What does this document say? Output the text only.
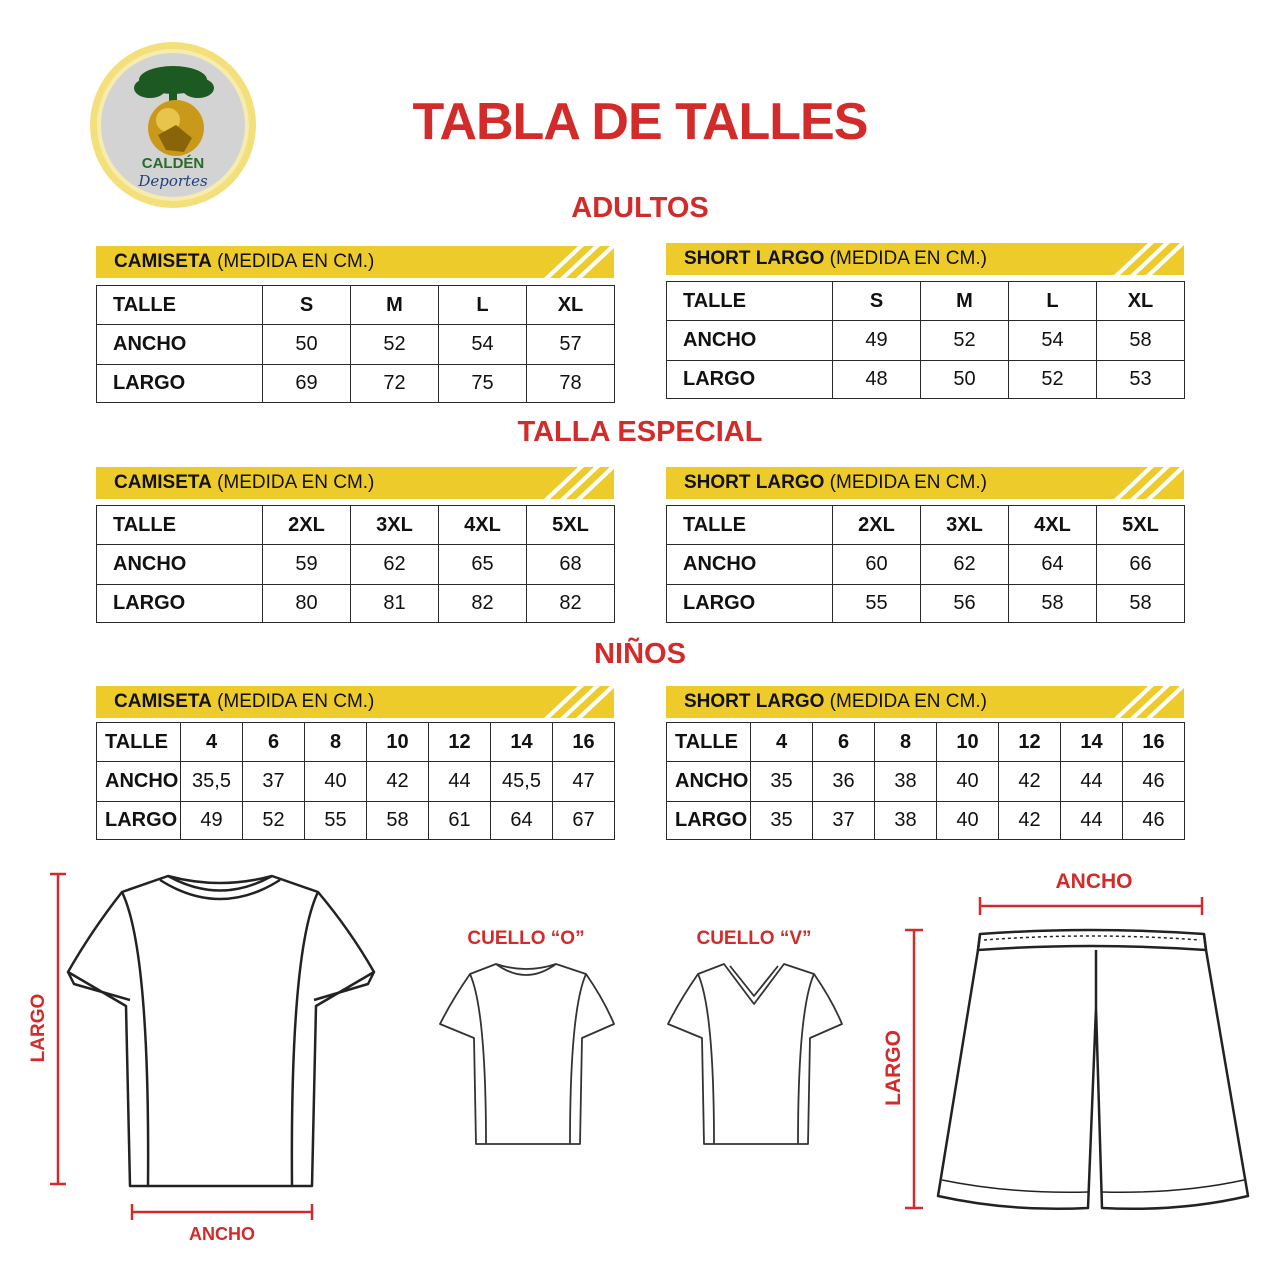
CALDÉN
Deportes
TABLA DE TALLES
ADULTOS
TALLA ESPECIAL
NIÑOS
CAMISETA (MEDIDA EN CM.)
TALLE	S	M	L	XL
ANCHO	50	52	54	57
LARGO	69	72	75	78
SHORT LARGO (MEDIDA EN CM.)
TALLE	S	M	L	XL
ANCHO	49	52	54	58
LARGO	48	50	52	53
CAMISETA (MEDIDA EN CM.)
TALLE	2XL	3XL	4XL	5XL
ANCHO	59	62	65	68
LARGO	80	81	82	82
SHORT LARGO (MEDIDA EN CM.)
TALLE	2XL	3XL	4XL	5XL
ANCHO	60	62	64	66
LARGO	55	56	58	58
CAMISETA (MEDIDA EN CM.)
TALLE	4	6	8	10	12	14	16
ANCHO	35,5	37	40	42	44	45,5	47
LARGO	49	52	55	58	61	64	67
SHORT LARGO (MEDIDA EN CM.)
TALLE	4	6	8	10	12	14	16
ANCHO	35	36	38	40	42	44	46
LARGO	35	37	38	40	42	44	46
LARGO
ANCHO
CUELLO “O”	CUELLO “V”
ANCHO
LARGO
